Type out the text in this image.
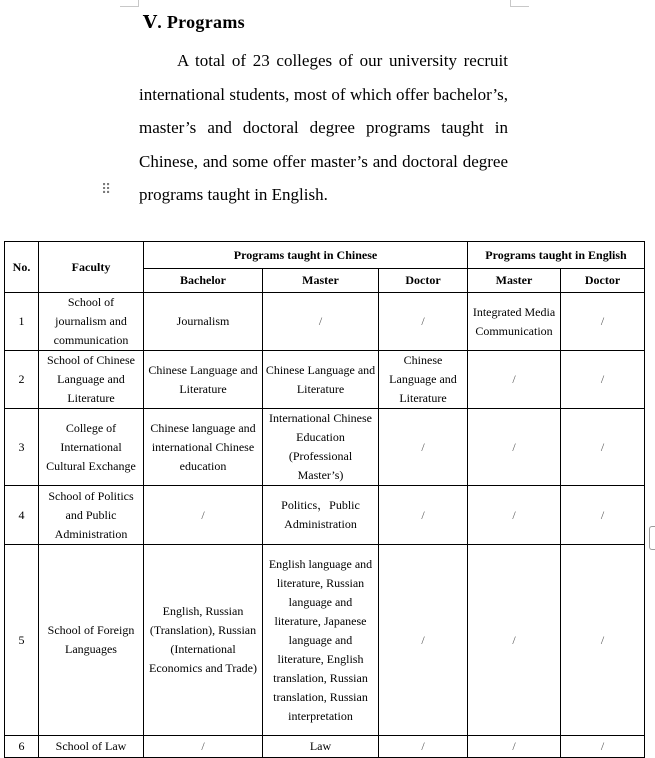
Ⅴ. Programs

A total of 23 colleges of our university recruit international students, most of which offer bachelor’s, master’s and doctoral degree programs taught in Chinese, and some offer master’s and doctoral degree programs taught in English.

⠿
No.	Faculty	Programs taught in Chinese			Programs taught in English	
		Bachelor	Master	Doctor	Master	Doctor
1	School of journalism and communication	Journalism	/	/	Integrated Media Communication	/
2	School of Chinese Language and Literature	Chinese Language and Literature	Chinese Language and Literature	Chinese Language and Literature	/	/
3	College of International Cultural Exchange	Chinese language and international Chinese education	International Chinese Education (Professional Master’s)	/	/	/
4	School of Politics and Public Administration	/	Politics，Public Administration	/	/	/
5	School of Foreign Languages	English, Russian (Translation), Russian (International Economics and Trade)	English language and literature, Russian language and literature, Japanese language and literature, English translation, Russian translation, Russian interpretation	/	/	/
6	School of Law	/	Law	/	/	/
